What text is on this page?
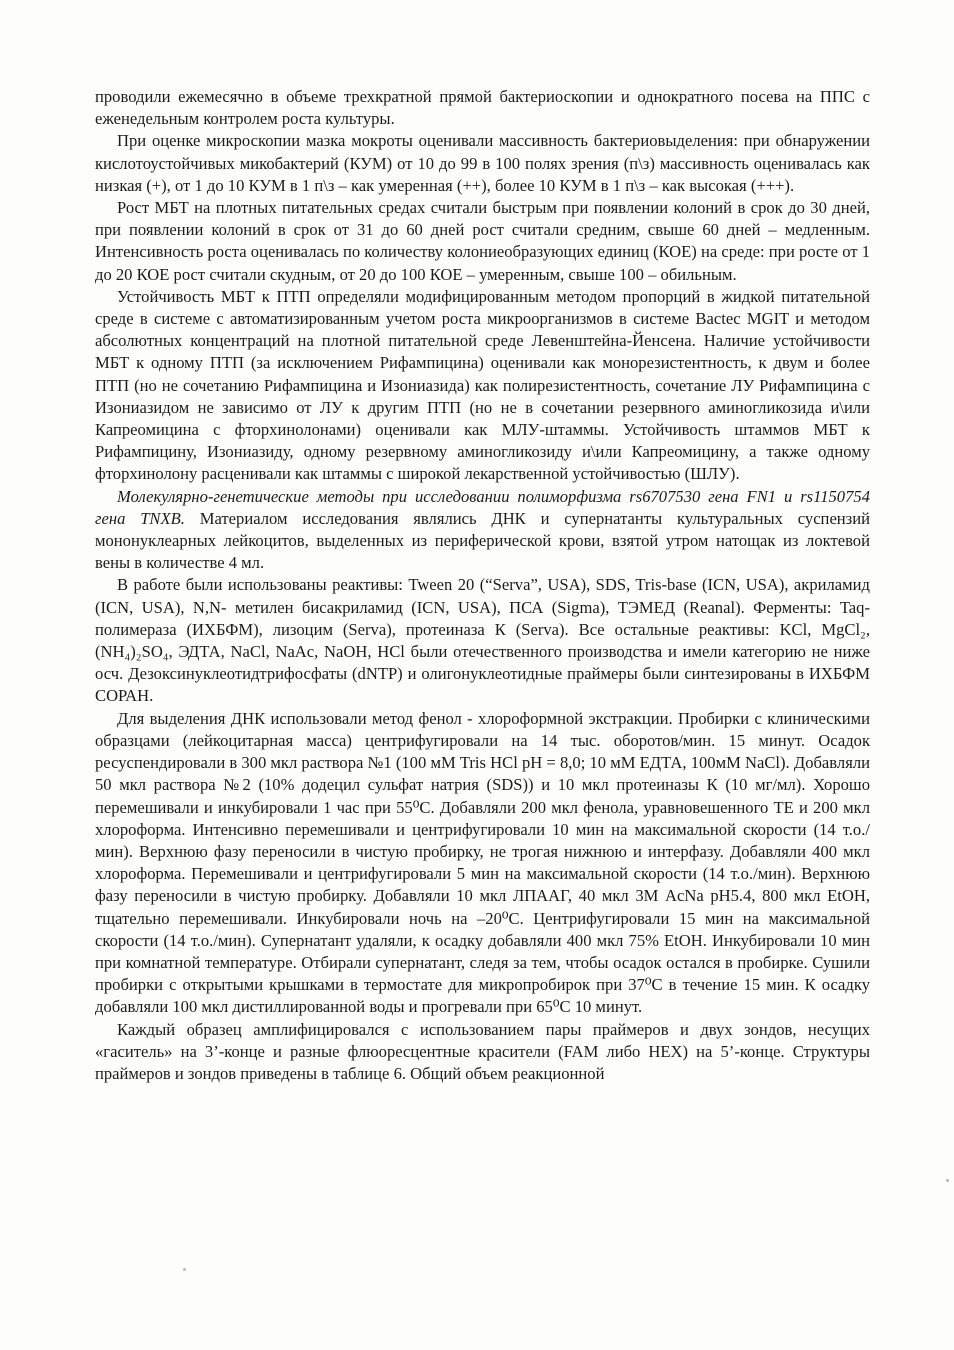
проводили ежемесячно в объеме трехкратной прямой бактериоскопии и однократного посева на ППС с еженедельным контролем роста культуры.

При оценке микроскопии мазка мокроты оценивали массивность бактериовыделения: при обнаружении кислотоустойчивых микобактерий (КУМ) от 10 до 99 в 100 полях зрения (п\з) массивность оценивалась как низкая (+), от 1 до 10 КУМ в 1 п\з – как умеренная (++), более 10 КУМ в 1 п\з – как высокая (+++).

Рост МБТ на плотных питательных средах считали быстрым при появлении колоний в срок до 30 дней, при появлении колоний в срок от 31 до 60 дней рост считали средним, свыше 60 дней – медленным. Интенсивность роста оценивалась по количеству колониеобразующих единиц (КОЕ) на среде: при росте от 1 до 20 КОЕ рост считали скудным, от 20 до 100 КОЕ – умеренным, свыше 100 – обильным.

Устойчивость МБТ к ПТП определяли модифицированным методом пропорций в жидкой питательной среде в системе с автоматизированным учетом роста микроорганизмов в системе Bactec MGIT и методом абсолютных концентраций на плотной питательной среде Левенштейна-Йенсена. Наличие устойчивости МБТ к одному ПТП (за исключением Рифампицина) оценивали как монорезистентность, к двум и более ПТП (но не сочетанию Рифампицина и Изониазида) как полирезистентность, сочетание ЛУ Рифампицина с Изониазидом не зависимо от ЛУ к другим ПТП (но не в сочетании резервного аминогликозида и\или Капреомицина с фторхинолонами) оценивали как МЛУ-штаммы. Устойчивость штаммов МБТ к Рифампицину, Изониазиду, одному резервному аминогликозиду и\или Капреомицину, а также одному фторхинолону расценивали как штаммы с широкой лекарственной устойчивостью (ШЛУ).

Молекулярно-генетические методы при исследовании полиморфизма rs6707530 гена FN1 и rs1150754 гена TNXB. Материалом исследования являлись ДНК и супернатанты культуральных суспензий мононуклеарных лейкоцитов, выделенных из периферической крови, взятой утром натощак из локтевой вены в количестве 4 мл.

В работе были использованы реактивы: Tween 20 (“Serva”, USA), SDS, Tris-base (ICN, USA), акриламид (ICN, USA), N,N- метилен бисакриламид (ICN, USA), ПСА (Sigma), ТЭМЕД (Reanal). Ферменты: Taq-полимераза (ИХБФМ), лизоцим (Serva), протеиназа К (Serva). Все остальные реактивы: KCl, MgCl₂, (NH₄)₂SO₄, ЭДТА, NaCl, NaAc, NaOH, HCl были отечественного производства и имели категорию не ниже осч. Дезоксинуклеотидтрифосфаты (dNTP) и олигонуклеотидные праймеры были синтезированы в ИХБФМ СОРАН.

Для выделения ДНК использовали метод фенол - хлороформной экстракции. Пробирки с клиническими образцами (лейкоцитарная масса) центрифугировали на 14 тыс. оборотов/мин. 15 минут. Осадок ресуспендировали в 300 мкл раствора №1 (100 мМ Tris HCl pH = 8,0; 10 мМ ЕДТА, 100мМ NaCl). Добавляли 50 мкл раствора №2 (10% додецил сульфат натрия (SDS)) и 10 мкл протеиназы К (10 мг/мл). Хорошо перемешивали и инкубировали 1 час при 55⁰С. Добавляли 200 мкл фенола, уравновешенного ТЕ и 200 мкл хлороформа. Интенсивно перемешивали и центрифугировали 10 мин на максимальной скорости (14 т.о./мин). Верхнюю фазу переносили в чистую пробирку, не трогая нижнюю и интерфазу. Добавляли 400 мкл хлороформа. Перемешивали и центрифугировали 5 мин на максимальной скорости (14 т.о./мин). Верхнюю фазу переносили в чистую пробирку. Добавляли 10 мкл ЛПААГ, 40 мкл 3М AcNa pH5.4, 800 мкл EtOH, тщательно перемешивали. Инкубировали ночь на –20⁰С. Центрифугировали 15 мин на максимальной скорости (14 т.о./мин). Супернатант удаляли, к осадку добавляли 400 мкл 75% EtOH. Инкубировали 10 мин при комнатной температуре. Отбирали супернатант, следя за тем, чтобы осадок остался в пробирке. Сушили пробирки с открытыми крышками в термостате для микропробирок при 37⁰С в течение 15 мин. К осадку добавляли 100 мкл дистиллированной воды и прогревали при 65⁰С 10 минут.

Каждый образец амплифицировался с использованием пары праймеров и двух зондов, несущих «гаситель» на 3’-конце и разные флюоресцентные красители (FAM либо HEX) на 5’-конце. Структуры праймеров и зондов приведены в таблице 6. Общий объем реакционной
